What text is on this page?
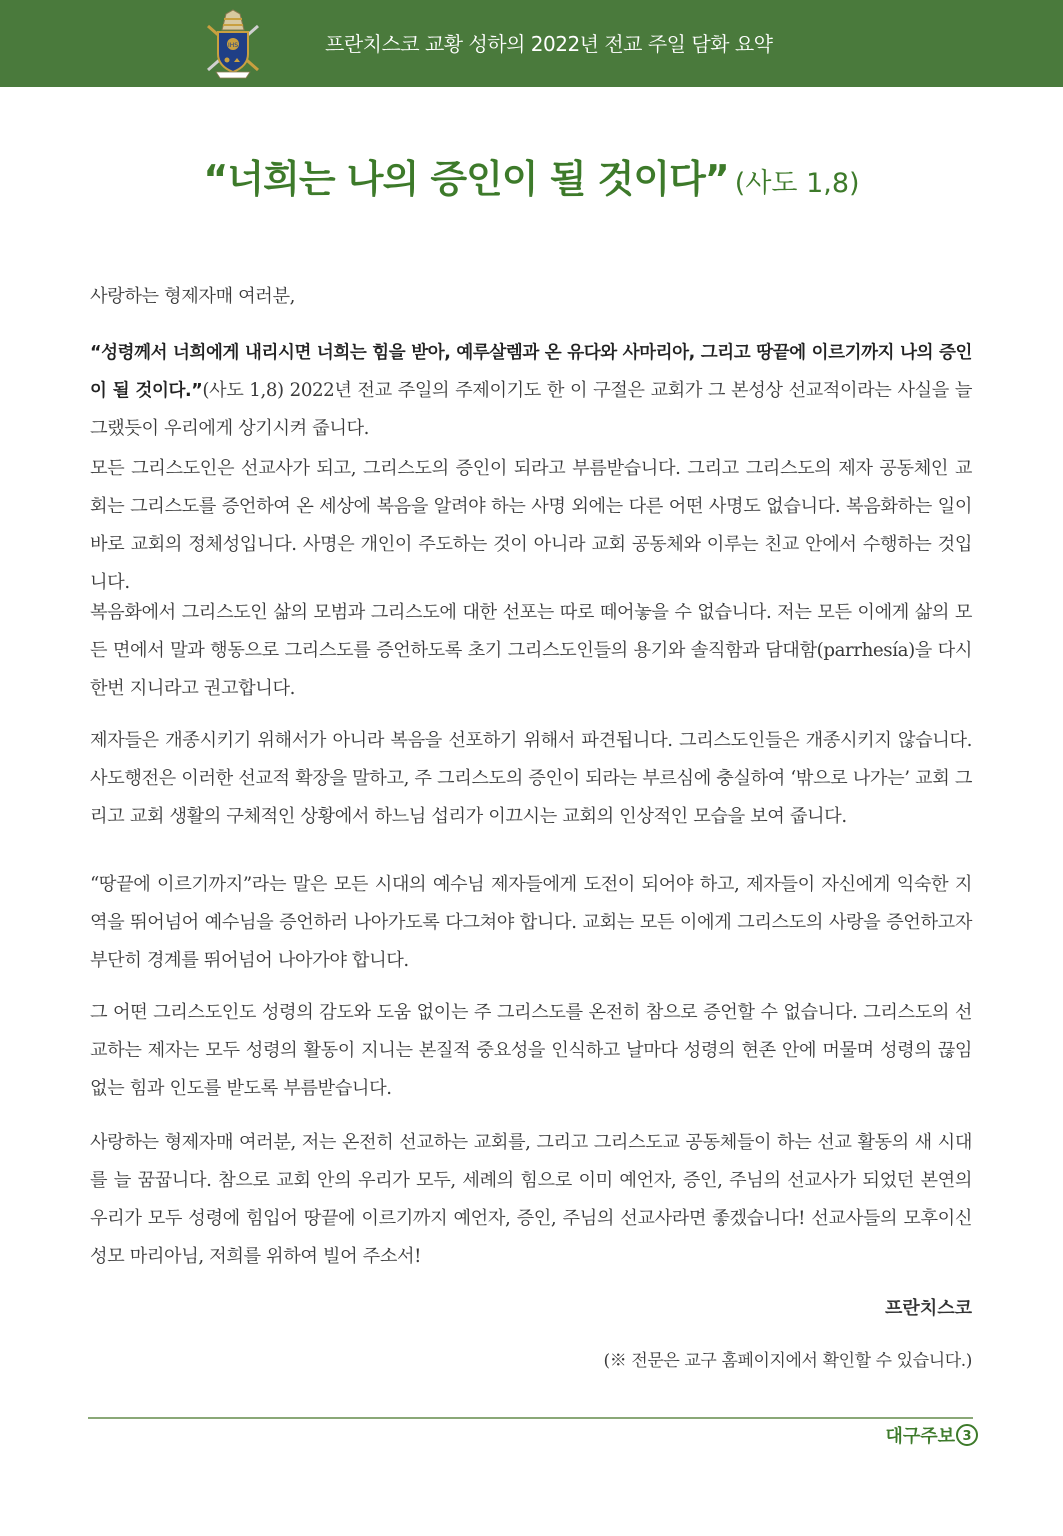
IHS	프란치스코 교황 성하의 2022년 전교 주일 담화 요약
“너희는 나의 증인이 될 것이다” (사도 1,8)

사랑하는 형제자매 여러분,

“성령께서 너희에게 내리시면 너희는 힘을 받아, 예루살렘과 온 유다와 사마리아, 그리고 땅끝에 이르기까지 나의 증인이 될 것이다.”(사도 1,8) 2022년 전교 주일의 주제이기도 한 이 구절은 교회가 그 본성상 선교적이라는 사실을 늘 그랬듯이 우리에게 상기시켜 줍니다.

모든 그리스도인은 선교사가 되고, 그리스도의 증인이 되라고 부름받습니다. 그리고 그리스도의 제자 공동체인 교회는 그리스도를 증언하여 온 세상에 복음을 알려야 하는 사명 외에는 다른 어떤 사명도 없습니다. 복음화하는 일이 바로 교회의 정체성입니다. 사명은 개인이 주도하는 것이 아니라 교회 공동체와 이루는 친교 안에서 수행하는 것입니다.

복음화에서 그리스도인 삶의 모범과 그리스도에 대한 선포는 따로 떼어놓을 수 없습니다. 저는 모든 이에게 삶의 모든 면에서 말과 행동으로 그리스도를 증언하도록 초기 그리스도인들의 용기와 솔직함과 담대함(parrhesía)을 다시 한번 지니라고 권고합니다.

제자들은 개종시키기 위해서가 아니라 복음을 선포하기 위해서 파견됩니다. 그리스도인들은 개종시키지 않습니다. 사도행전은 이러한 선교적 확장을 말하고, 주 그리스도의 증인이 되라는 부르심에 충실하여 ‘밖으로 나가는’ 교회 그리고 교회 생활의 구체적인 상황에서 하느님 섭리가 이끄시는 교회의 인상적인 모습을 보여 줍니다.

“땅끝에 이르기까지”라는 말은 모든 시대의 예수님 제자들에게 도전이 되어야 하고, 제자들이 자신에게 익숙한 지역을 뛰어넘어 예수님을 증언하러 나아가도록 다그쳐야 합니다. 교회는 모든 이에게 그리스도의 사랑을 증언하고자 부단히 경계를 뛰어넘어 나아가야 합니다.

그 어떤 그리스도인도 성령의 감도와 도움 없이는 주 그리스도를 온전히 참으로 증언할 수 없습니다. 그리스도의 선교하는 제자는 모두 성령의 활동이 지니는 본질적 중요성을 인식하고 날마다 성령의 현존 안에 머물며 성령의 끊임없는 힘과 인도를 받도록 부름받습니다.

사랑하는 형제자매 여러분, 저는 온전히 선교하는 교회를, 그리고 그리스도교 공동체들이 하는 선교 활동의 새 시대를 늘 꿈꿉니다. 참으로 교회 안의 우리가 모두, 세례의 힘으로 이미 예언자, 증인, 주님의 선교사가 되었던 본연의 우리가 모두 성령에 힘입어 땅끝에 이르기까지 예언자, 증인, 주님의 선교사라면 좋겠습니다! 선교사들의 모후이신 성모 마리아님, 저희를 위하여 빌어 주소서!

프란치스코
(※ 전문은 교구 홈페이지에서 확인할 수 있습니다.)
대구주보 3
